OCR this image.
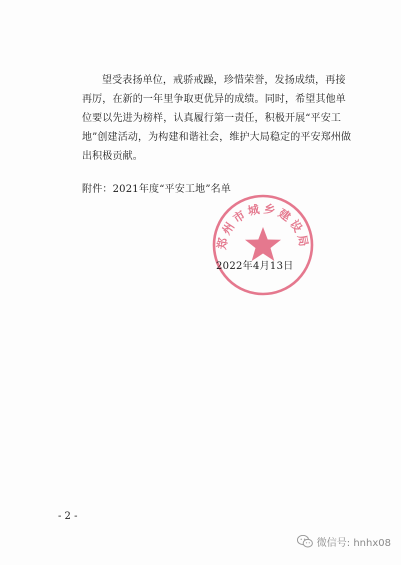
望受表扬单位，戒骄戒躁，珍惜荣誉，发扬成绩，再接再厉，在新的一年里争取更优异的成绩。同时，希望其他单位要以先进为榜样，认真履行第一责任，积极开展“平安工地”创建活动，为构建和谐社会，维护大局稳定的平安郑州做出积极贡献。

附件：2021年度“平安工地”名单
郑州市城乡建设局
2022年4月13日
- 2 -
微信号: hnhx08
